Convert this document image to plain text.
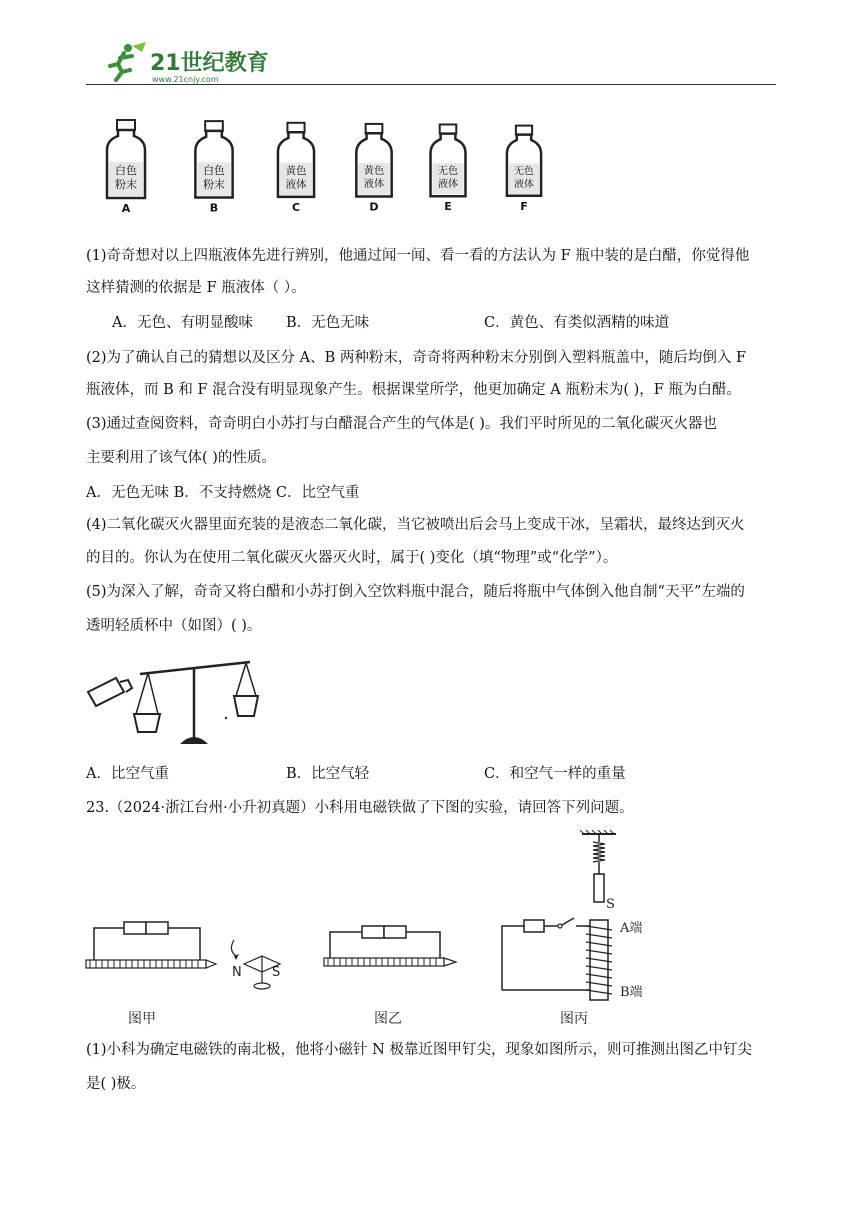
21世纪教育
www.21cnjy.com
白色
粉末
A
白色
粉末
B
黄色
液体
C
黄色
液体
D
无色
液体
E
无色
液体
F
(1)奇奇想对以上四瓶液体先进行辨别，他通过闻一闻、看一看的方法认为 F 瓶中装的是白醋，你觉得他
这样猜测的依据是 F 瓶液体（ ）。
A．无色、有明显酸味 B．无色无味	C．黄色、有类似酒精的味道
(2)为了确认自己的猜想以及区分 A、B 两种粉末，奇奇将两种粉末分别倒入塑料瓶盖中，随后均倒入 F
瓶液体，而 B 和 F 混合没有明显现象产生。根据课堂所学，他更加确定 A 瓶粉末为( )，F 瓶为白醋。
(3)通过查阅资料，奇奇明白小苏打与白醋混合产生的气体是( )。我们平时所见的二氧化碳灭火器也
主要利用了该气体( )的性质。
A．无色无味 B．不支持燃烧 C．比空气重
(4)二氧化碳灭火器里面充装的是液态二氧化碳，当它被喷出后会马上变成干冰，呈霜状，最终达到灭火
的目的。你认为在使用二氧化碳灭火器灭火时，属于( )变化（填“物理”或“化学”）。
(5)为深入了解，奇奇又将白醋和小苏打倒入空饮料瓶中混合，随后将瓶中气体倒入他自制“天平”左端的
透明轻质杯中（如图）( )。
A．比空气重	B．比空气轻	C．和空气一样的重量
23.（2024·浙江台州·小升初真题）小科用电磁铁做了下图的实验，请回答下列问题。
N S
S
A端
B端
图甲	图乙	图丙
(1)小科为确定电磁铁的南北极，他将小磁针 N 极靠近图甲钉尖，现象如图所示，则可推测出图乙中钉尖
是( )极。
